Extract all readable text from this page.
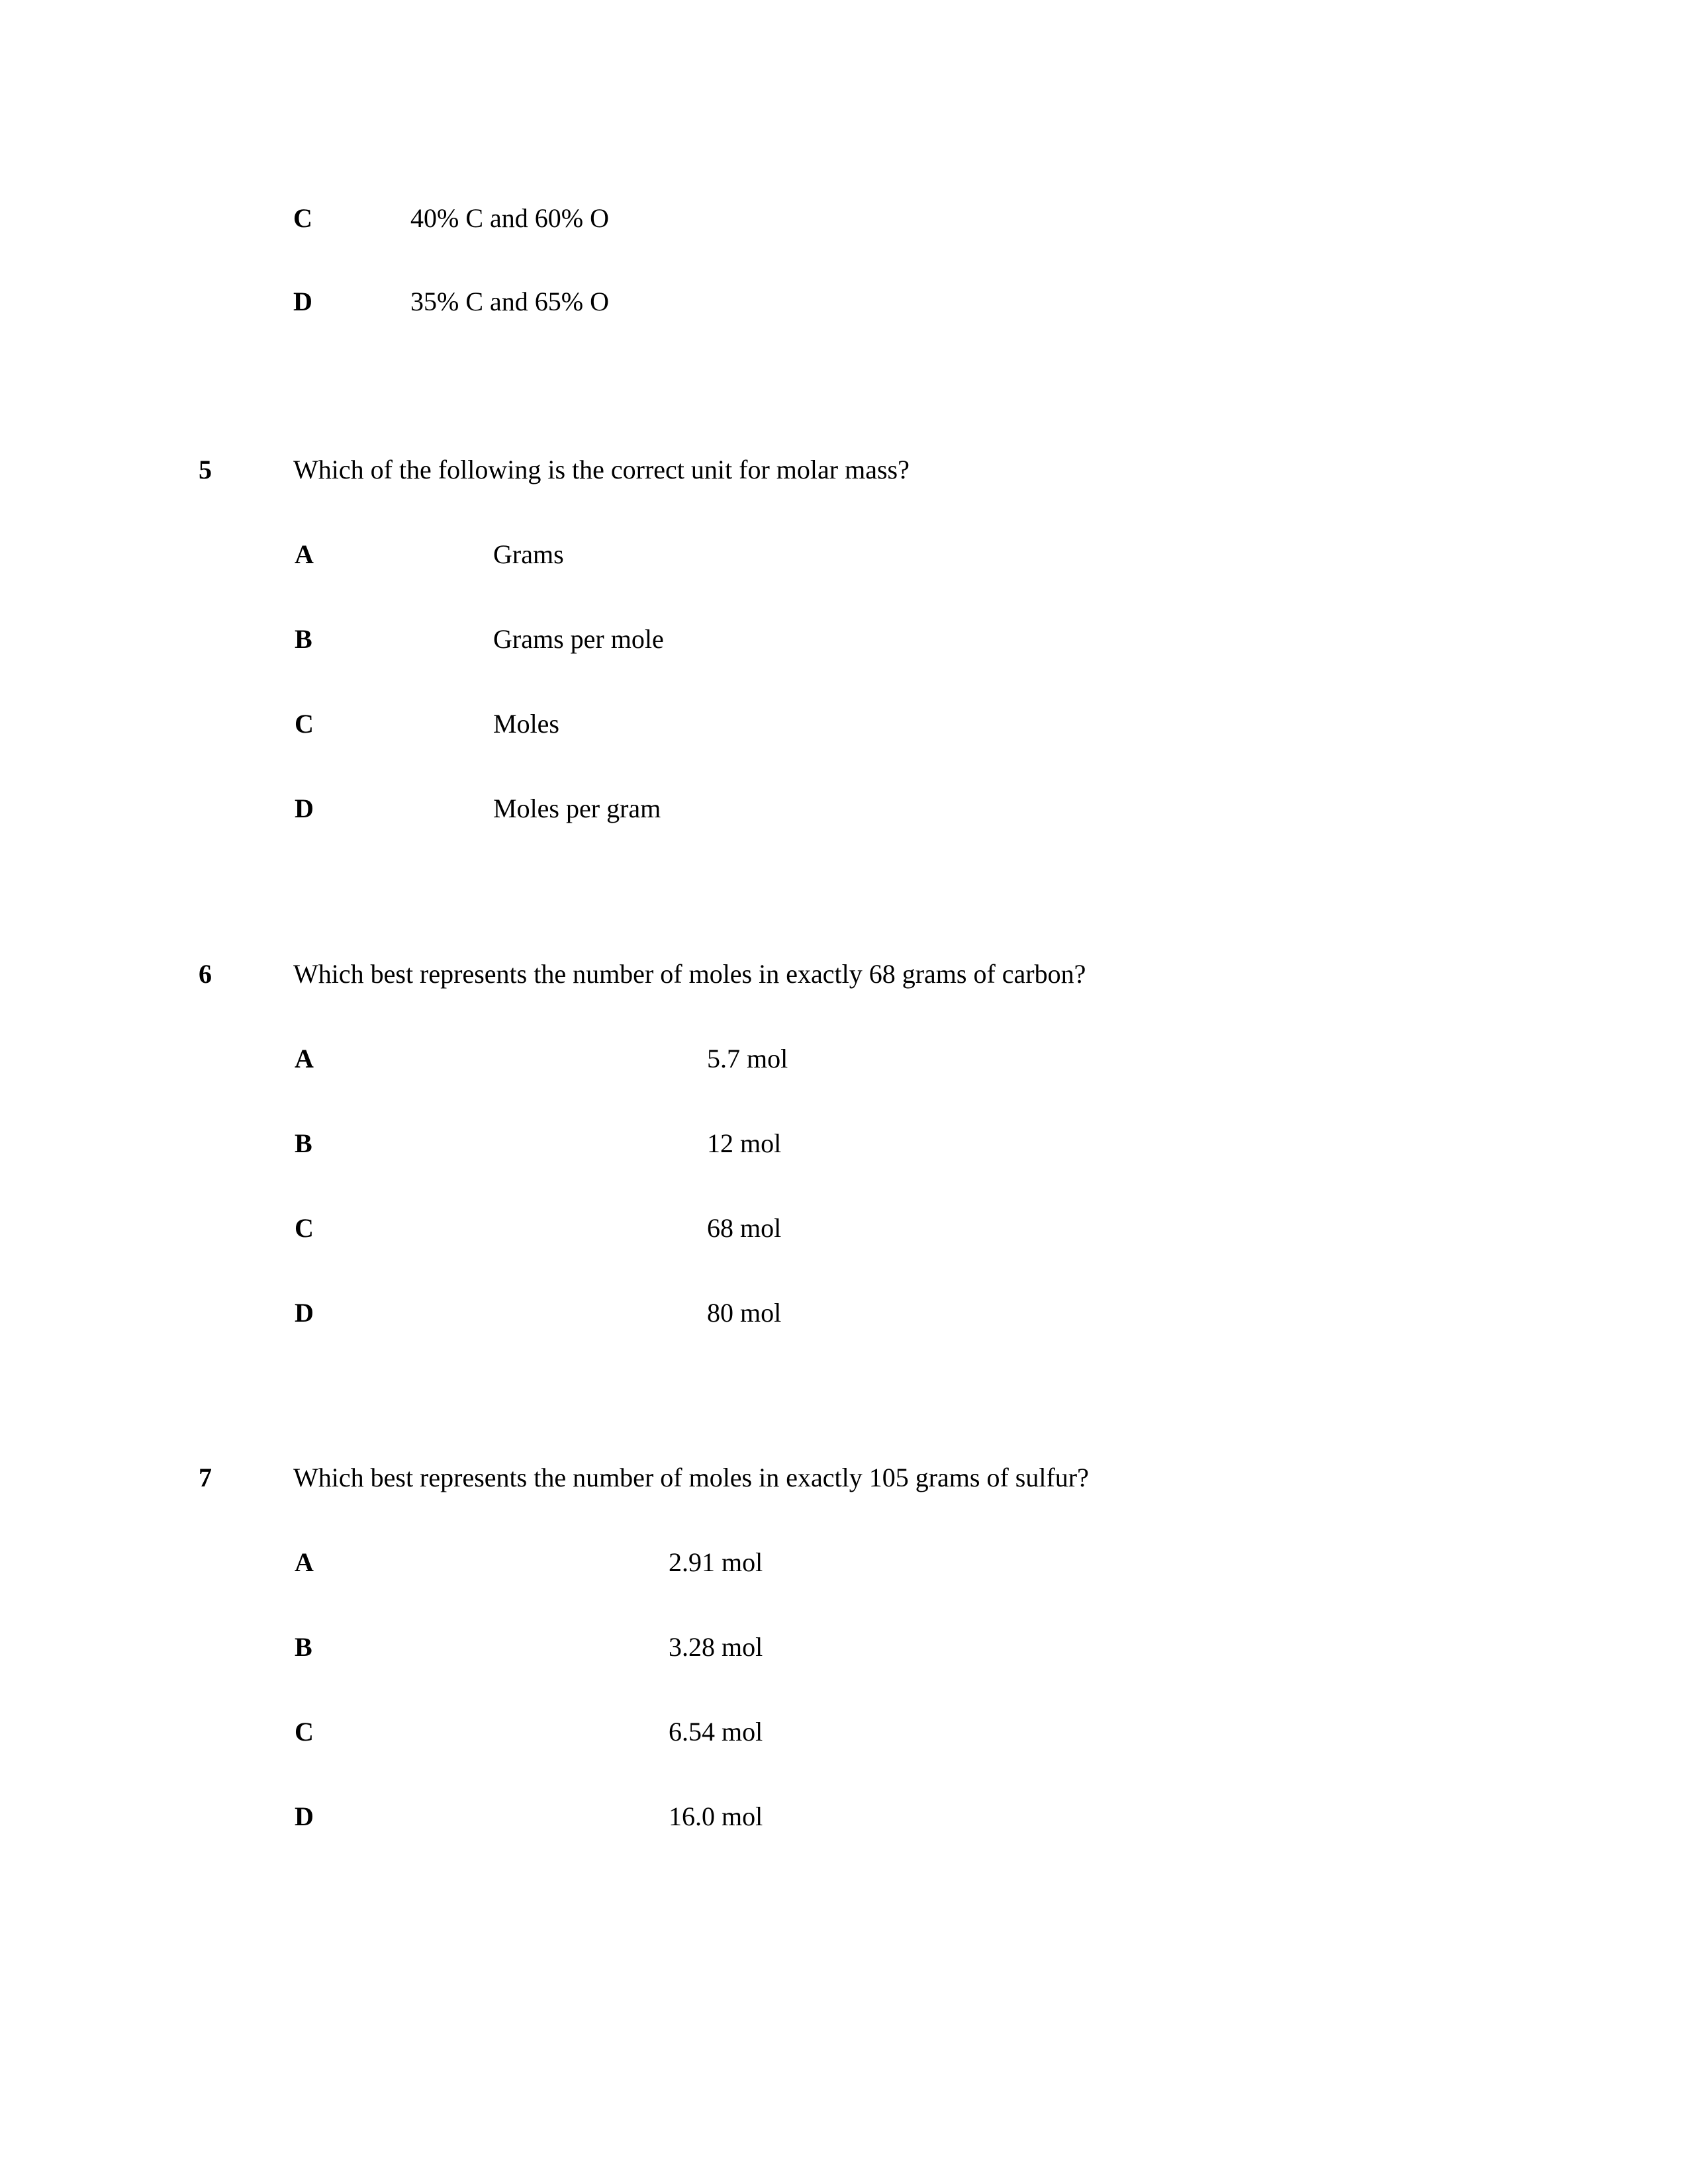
C	40% C and 60% O
D	35% C and 65% O
5	Which of the following is the correct unit for molar mass?
A	Grams
B	Grams per mole
C	Moles
D	Moles per gram
6	Which best represents the number of moles in exactly 68 grams of carbon?
A	5.7 mol
B	12 mol
C	68 mol
D	80 mol
7	Which best represents the number of moles in exactly 105 grams of sulfur?
A	2.91 mol
B	3.28 mol
C	6.54 mol
D	16.0 mol
